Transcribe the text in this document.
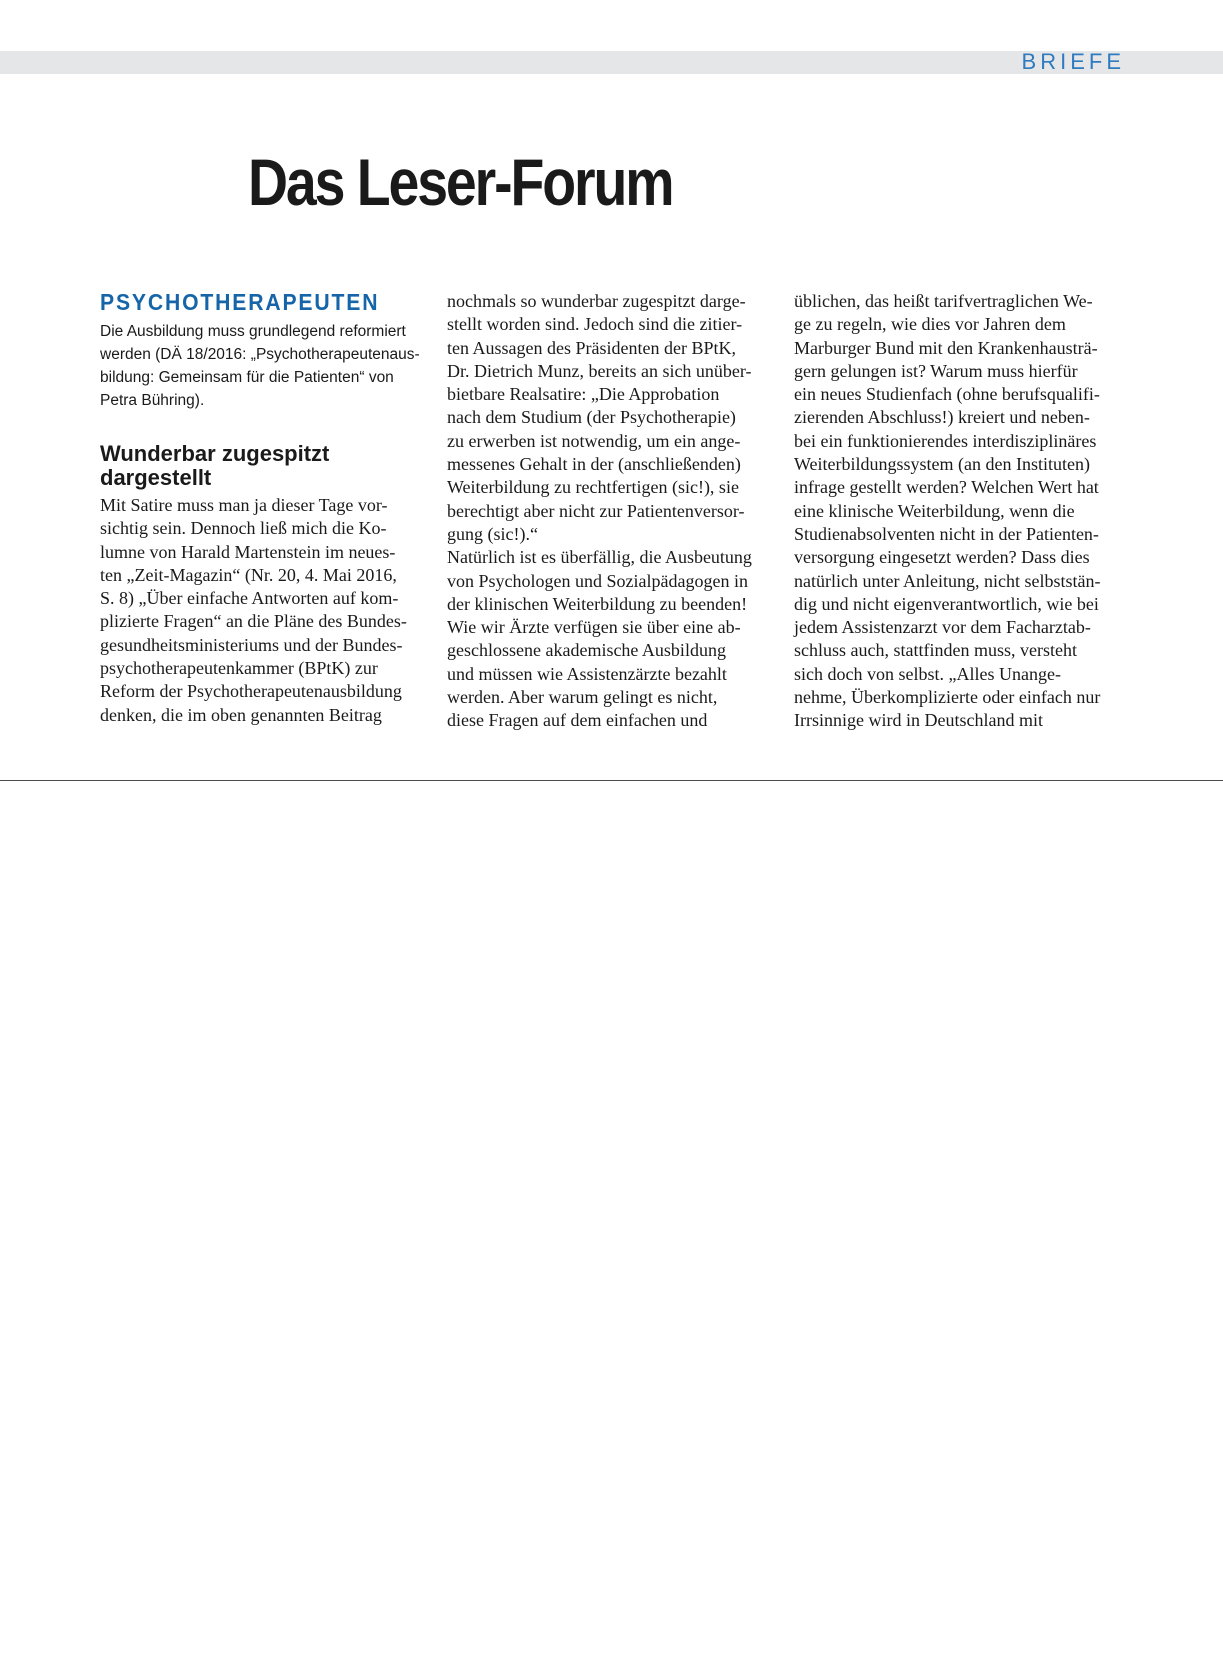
BRIEFE
Das Leser-Forum
PSYCHOTHERAPEUTEN
Die Ausbildung muss grundlegend reformiert
werden (DÄ 18/2016: „Psychotherapeutenaus-
bildung: Gemeinsam für die Patienten“ von
Petra Bühring).
Wunderbar zugespitzt
dargestellt
Mit Satire muss man ja dieser Tage vor-
sichtig sein. Dennoch ließ mich die Ko-
lumne von Harald Martenstein im neues-
ten „Zeit-Magazin“ (Nr. 20, 4. Mai 2016,
S. 8) „Über einfache Antworten auf kom-
plizierte Fragen“ an die Pläne des Bundes-
gesundheitsministeriums und der Bundes-
psychotherapeutenkammer (BPtK) zur
Reform der Psychotherapeutenausbildung
denken, die im oben genannten Beitrag
nochmals so wunderbar zugespitzt darge-
stellt worden sind. Jedoch sind die zitier-
ten Aussagen des Präsidenten der BPtK,
Dr. Dietrich Munz, bereits an sich unüber-
bietbare Realsatire: „Die Approbation
nach dem Studium (der Psychotherapie)
zu erwerben ist notwendig, um ein ange-
messenes Gehalt in der (anschließenden)
Weiterbildung zu rechtfertigen (sic!), sie
berechtigt aber nicht zur Patientenversor-
gung (sic!).“
Natürlich ist es überfällig, die Ausbeutung
von Psychologen und Sozialpädagogen in
der klinischen Weiterbildung zu beenden!
Wie wir Ärzte verfügen sie über eine ab-
geschlossene akademische Ausbildung
und müssen wie Assistenzärzte bezahlt
werden. Aber warum gelingt es nicht,
diese Fragen auf dem einfachen und
üblichen, das heißt tarifvertraglichen We-
ge zu regeln, wie dies vor Jahren dem
Marburger Bund mit den Krankenhausträ-
gern gelungen ist? Warum muss hierfür
ein neues Studienfach (ohne berufsqualifi-
zierenden Abschluss!) kreiert und neben-
bei ein funktionierendes interdisziplinäres
Weiterbildungssystem (an den Instituten)
infrage gestellt werden? Welchen Wert hat
eine klinische Weiterbildung, wenn die
Studienabsolventen nicht in der Patienten-
versorgung eingesetzt werden? Dass dies
natürlich unter Anleitung, nicht selbststän-
dig und nicht eigenverantwortlich, wie bei
jedem Assistenzarzt vor dem Facharztab-
schluss auch, stattfinden muss, versteht
sich doch von selbst. „Alles Unange-
nehme, Überkomplizierte oder einfach nur
Irrsinnige wird in Deutschland mit
